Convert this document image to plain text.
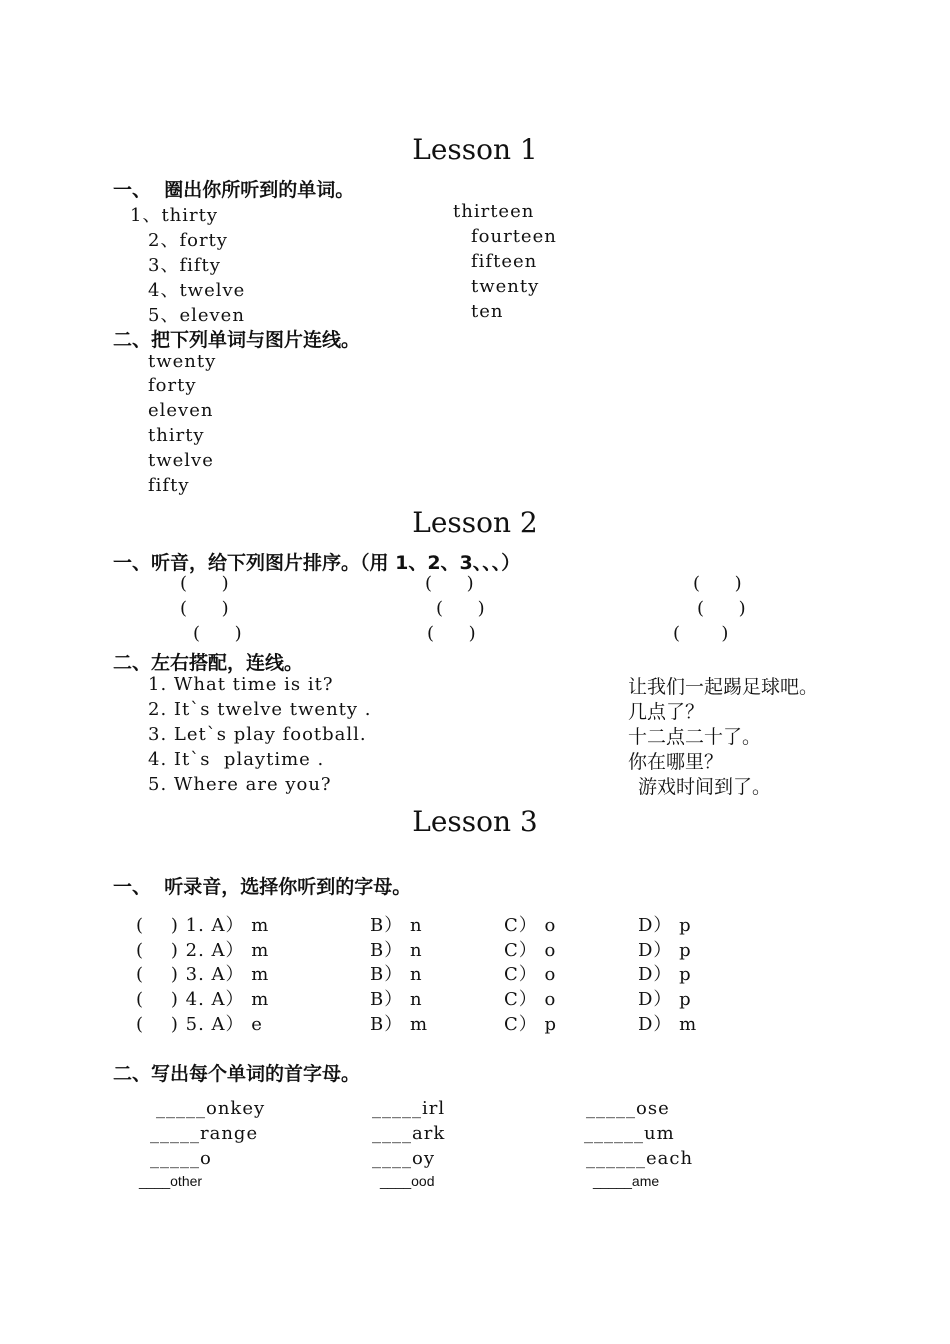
Lesson 1
一、  圈出你所听到的单词。
1、thirty	thirteen
2、forty	fourteen
3、fifty	fifteen
4、twelve	twenty
5、eleven	ten
二、把下列单词与图片连线。
twenty
forty
eleven
thirty
twelve
fifty
Lesson 2
一、听音，给下列图片排序。（用 1、2、3、、、）
(     )	(     )	(     )
(     )	(     )	(     )
(     )	(     )	(      )
二、左右搭配，连线。
1. What time is it?
2. It`s twelve twenty .
3. Let`s play football.
4. It`s  playtime .
5. Where are you?
让我们一起踢足球吧。
几点了？
十二点二十了。
你在哪里？
游戏时间到了。
Lesson 3
一、  听录音，选择你听到的字母。
(    ) 1. A） m	B） n	C） o	D） p
(    ) 2. A） m	B） n	C） o	D） p
(    ) 3. A） m	B） n	C） o	D） p
(    ) 4. A） m	B） n	C） o	D） p
(    ) 5. A） e	B） m	C） p	D） m
二、写出每个单词的首字母。
_____onkey	_____irl	_____ose
_____range	____ark	______um
_____o	____oy	______each
____other	____ood	_____ame
